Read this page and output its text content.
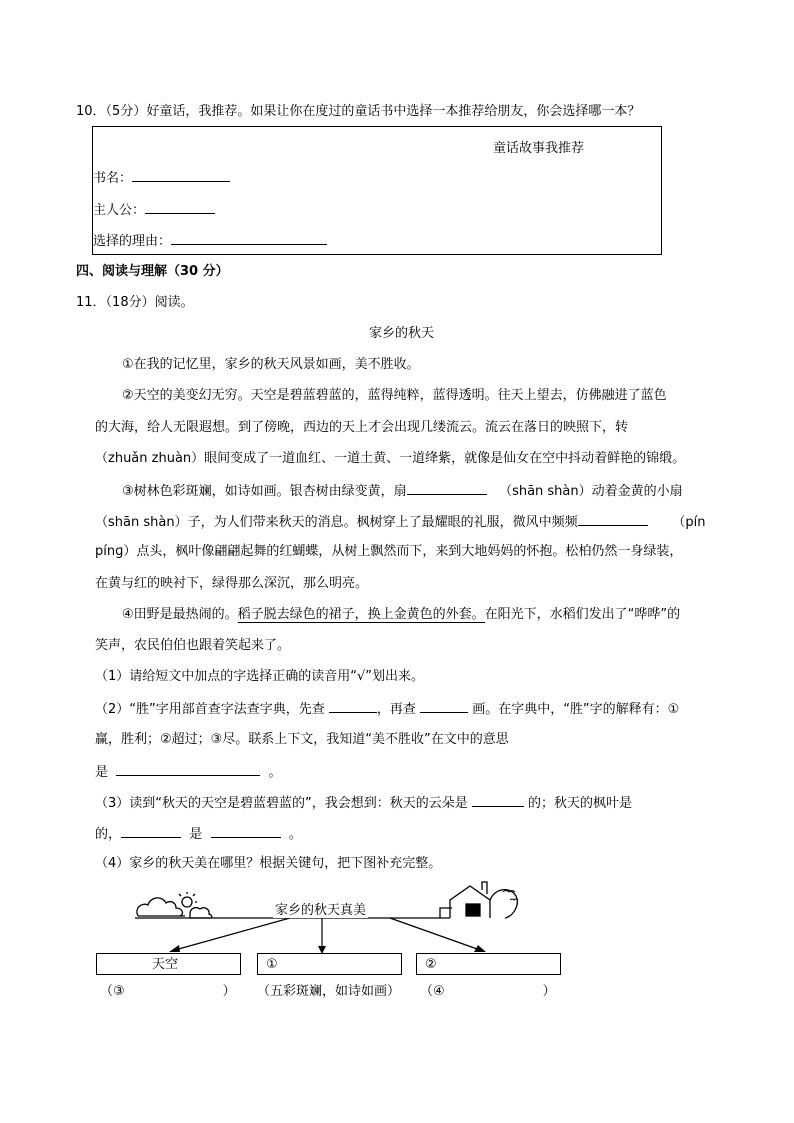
10．（5分）好童话，我推荐。如果让你在度过的童话书中选择一本推荐给朋友，你会选择哪一本？
童话故事我推荐
书名：
主人公：
选择的理由：
四、阅读与理解（30 分）
11．（18分）阅读。
家乡的秋天
①在我的记忆里，家乡的秋天风景如画，美不胜收。
②天空的美变幻无穷。天空是碧蓝碧蓝的，蓝得纯粹，蓝得透明。往天上望去，仿佛融进了蓝色
的大海，给人无限遐想。到了傍晚，西边的天上才会出现几缕流云。流云在落日的映照下，转
（zhuǎn zhuàn）眼间变成了一道血红、一道土黄、一道绛紫，就像是仙女在空中抖动着鲜艳的锦缎。
③树林色彩斑斓，如诗如画。银杏树由绿变黄，扇	（shān shàn）动着金黄的小扇
（shān shàn）子，为人们带来秋天的消息。枫树穿上了最耀眼的礼服，微风中频频	（pín
pínɡ）点头，枫叶像翩翩起舞的红蝴蝶，从树上飘然而下，来到大地妈妈的怀抱。松柏仍然一身绿装，
在黄与红的映衬下，绿得那么深沉，那么明亮。
④田野是最热闹的。稻子脱去绿色的裙子，换上金黄色的外套。在阳光下，水稻们发出了“哗哗”的
笑声，农民伯伯也跟着笑起来了。
（1）请给短文中加点的字选择正确的读音用“√”划出来。
（2）“胜”字用部首查字法查字典，先查	，再查	画。在字典中，“胜”字的解释有：①
赢，胜利；②超过；③尽。联系上下文，我知道“美不胜收”在文中的意思
是	。
（3）读到“秋天的天空是碧蓝碧蓝的”，我会想到：秋天的云朵是	的；秋天的枫叶是
的，	是	。
（4）家乡的秋天美在哪里？根据关键句，把下图补充完整。
家乡的秋天真美
天空	①	②
（③	） （五彩斑斓，如诗如画） （④	）
